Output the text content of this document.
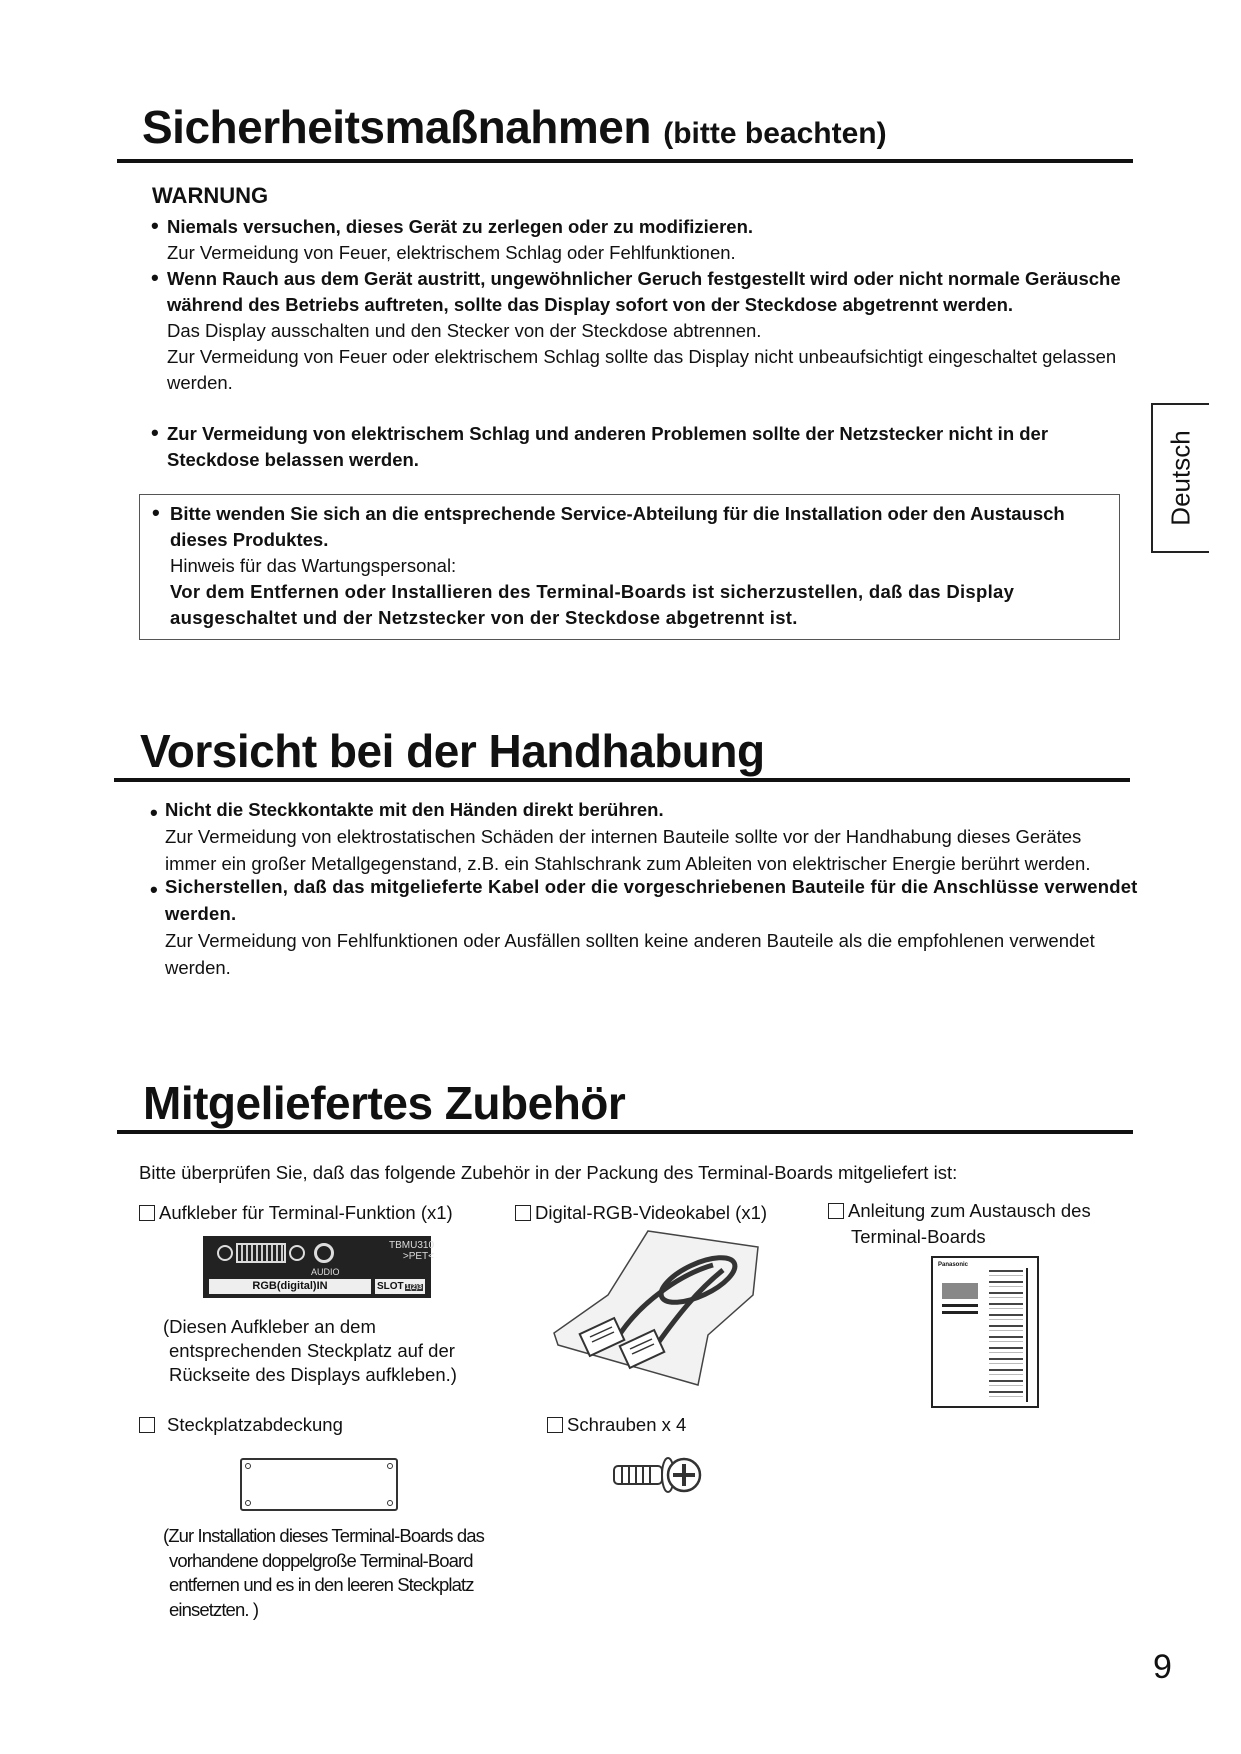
Deutsch
Sicherheitsmaßnahmen (bitte beachten)
WARNUNG
• Niemals versuchen, dieses Gerät zu zerlegen oder zu modifizieren.
Zur Vermeidung von Feuer, elektrischem Schlag oder Fehlfunktionen.
• Wenn Rauch aus dem Gerät austritt, ungewöhnlicher Geruch festgestellt wird oder nicht normale Geräusche während des Betriebs auftreten, sollte das Display sofort von der Steckdose abgetrennt werden.
Das Display ausschalten und den Stecker von der Steckdose abtrennen.
Zur Vermeidung von Feuer oder elektrischem Schlag sollte das Display nicht unbeaufsichtigt eingeschaltet gelassen werden.
• Zur Vermeidung von elektrischem Schlag und anderen Problemen sollte der Netzstecker nicht in der Steckdose belassen werden.
• Bitte wenden Sie sich an die entsprechende Service-Abteilung für die Installation oder den Austausch dieses Produktes.
Hinweis für das Wartungspersonal:
Vor dem Entfernen oder Installieren des Terminal-Boards ist sicherzustellen, daß das Display ausgeschaltet und der Netzstecker von der Steckdose abgetrennt ist.
Vorsicht bei der Handhabung
• Nicht die Steckkontakte mit den Händen direkt berühren.
Zur Vermeidung von elektrostatischen Schäden der internen Bauteile sollte vor der Handhabung dieses Gerätes immer ein großer Metallgegenstand, z.B. ein Stahlschrank zum Ableiten von elektrischer Energie berührt werden.
• Sicherstellen, daß das mitgelieferte Kabel oder die vorgeschriebenen Bauteile für die Anschlüsse verwendet werden.
Zur Vermeidung von Fehlfunktionen oder Ausfällen sollten keine anderen Bauteile als die empfohlenen verwendet werden.
Mitgeliefertes Zubehör
Bitte überprüfen Sie, daß das folgende Zubehör in der Packung des Terminal-Boards mitgeliefert ist:
Aufkleber für Terminal-Funktion (x1)
TBMU310
>PET<
AUDIO
RGB(digital)IN	SLOT 1(2)3
(Diesen Aufkleber an dem
entsprechenden Steckplatz auf der
Rückseite des Displays aufkleben.)
Digital-RGB-Videokabel (x1)	Anleitung zum Austausch des
Terminal-Boards
Panasonic
Steckplatzabdeckung
(Zur Installation dieses Terminal-Boards das
vorhandene doppelgroße Terminal-Board
entfernen und es in den leeren Steckplatz
einsetzten. )
Schrauben x 4
9
